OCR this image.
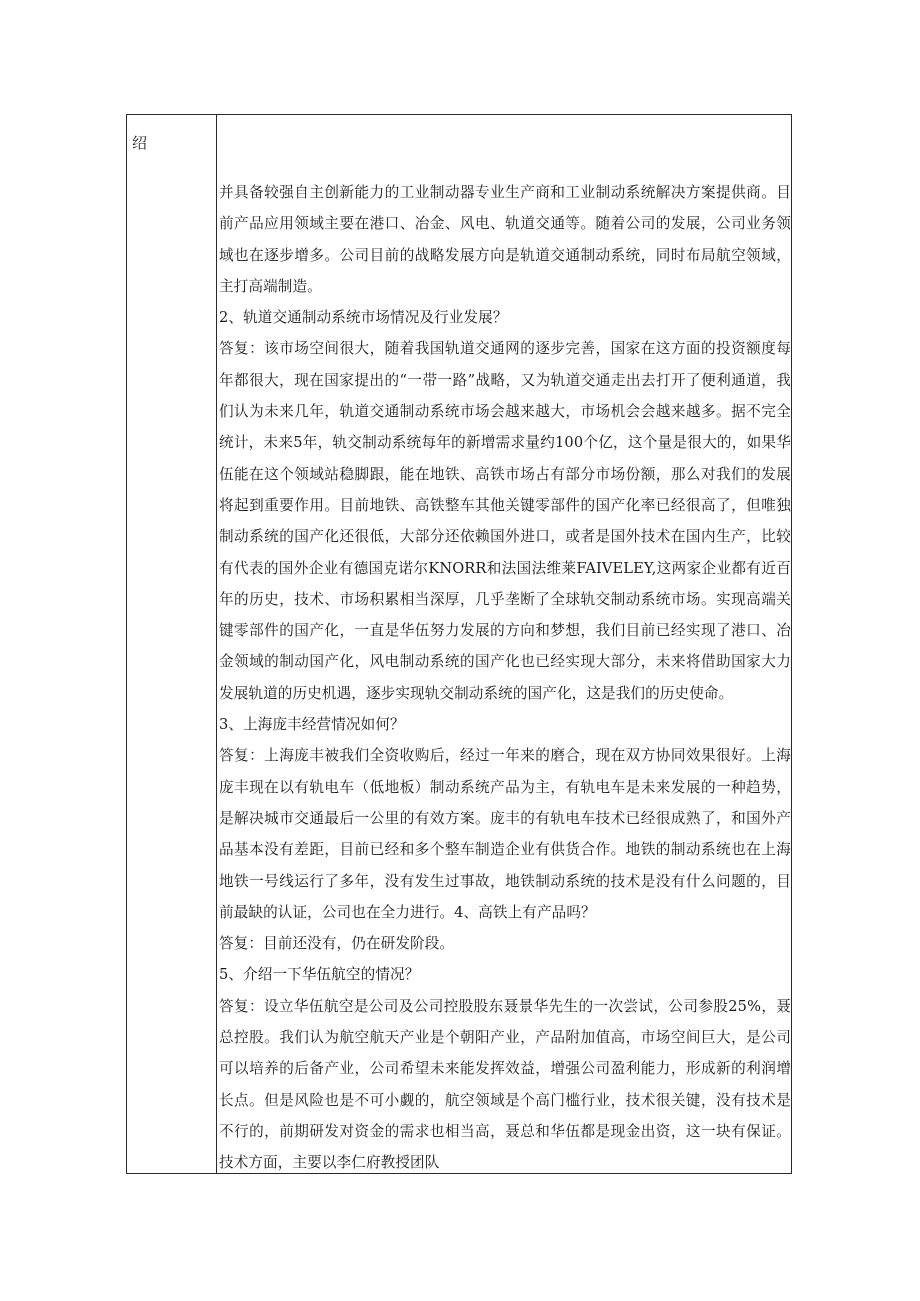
绍

并具备较强自主创新能力的工业制动器专业生产商和工业制动系统解决方案提供商。目前产品应用领域主要在港口、冶金、风电、轨道交通等。随着公司的发展，公司业务领域也在逐步增多。公司目前的战略发展方向是轨道交通制动系统，同时布局航空领域，主打高端制造。

2、轨道交通制动系统市场情况及行业发展？

答复：该市场空间很大，随着我国轨道交通网的逐步完善，国家在这方面的投资额度每年都很大，现在国家提出的“一带一路”战略，又为轨道交通走出去打开了便利通道，我们认为未来几年，轨道交通制动系统市场会越来越大，市场机会会越来越多。据不完全统计，未来5年，轨交制动系统每年的新增需求量约100个亿，这个量是很大的，如果华伍能在这个领域站稳脚跟，能在地铁、高铁市场占有部分市场份额，那么对我们的发展将起到重要作用。目前地铁、高铁整车其他关键零部件的国产化率已经很高了，但唯独制动系统的国产化还很低，大部分还依赖国外进口，或者是国外技术在国内生产，比较有代表的国外企业有德国克诺尔KNORR和法国法维莱FAIVELEY,这两家企业都有近百年的历史，技术、市场积累相当深厚，几乎垄断了全球轨交制动系统市场。实现高端关键零部件的国产化，一直是华伍努力发展的方向和梦想，我们目前已经实现了港口、冶金领域的制动国产化，风电制动系统的国产化也已经实现大部分，未来将借助国家大力发展轨道的历史机遇，逐步实现轨交制动系统的国产化，这是我们的历史使命。

3、上海庞丰经营情况如何？

答复：上海庞丰被我们全资收购后，经过一年来的磨合，现在双方协同效果很好。上海庞丰现在以有轨电车（低地板）制动系统产品为主，有轨电车是未来发展的一种趋势，是解决城市交通最后一公里的有效方案。庞丰的有轨电车技术已经很成熟了，和国外产品基本没有差距，目前已经和多个整车制造企业有供货合作。地铁的制动系统也在上海地铁一号线运行了多年，没有发生过事故，地铁制动系统的技术是没有什么问题的，目前最缺的认证，公司也在全力进行。4、高铁上有产品吗？

答复：目前还没有，仍在研发阶段。

5、介绍一下华伍航空的情况？

答复：设立华伍航空是公司及公司控股股东聂景华先生的一次尝试，公司参股25%，聂总控股。我们认为航空航天产业是个朝阳产业，产品附加值高，市场空间巨大，是公司可以培养的后备产业，公司希望未来能发挥效益，增强公司盈利能力，形成新的利润增长点。但是风险也是不可小觑的，航空领域是个高门槛行业，技术很关键，没有技术是不行的，前期研发对资金的需求也相当高，聂总和华伍都是现金出资，这一块有保证。技术方面，主要以李仁府教授团队
